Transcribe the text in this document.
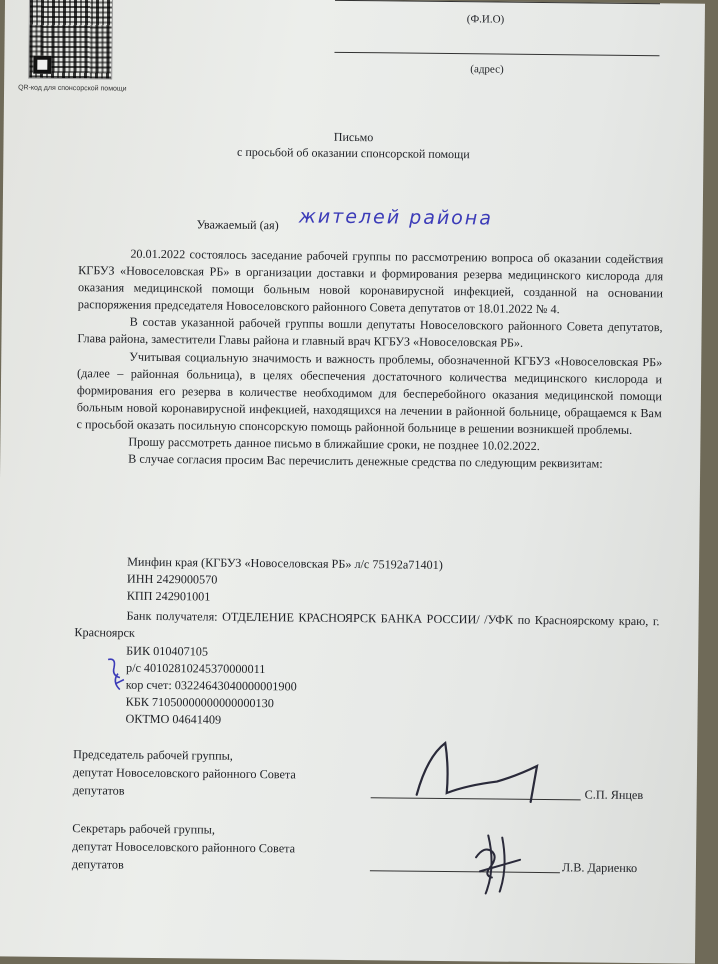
QR-код для спонсорской помощи
(Ф.И.О)
(адрес)
Письмо
с просьбой об оказании спонсорской помощи
Уважаемый (ая) жителей района

20.01.2022 состоялось заседание рабочей группы по рассмотрению вопроса об оказании содействия КГБУЗ «Новоселовская РБ» в организации доставки и формирования резерва медицинского кислорода для оказания медицинской помощи больным новой коронавирусной инфекцией, созданной на основании распоряжения председателя Новоселовского районного Совета депутатов от 18.01.2022 № 4.

В состав указанной рабочей группы вошли депутаты Новоселовского районного Совета депутатов, Глава района, заместители Главы района и главный врач КГБУЗ «Новоселовская РБ».

Учитывая социальную значимость и важность проблемы, обозначенной КГБУЗ «Новоселовская РБ» (далее – районная больница), в целях обеспечения достаточного количества медицинского кислорода и формирования его резерва в количестве необходимом для бесперебойного оказания медицинской помощи больным новой коронавирусной инфекцией, находящихся на лечении в районной больнице, обращаемся к Вам с просьбой оказать посильную спонсорскую помощь районной больнице в решении возникшей проблемы.

Прошу рассмотреть данное письмо в ближайшие сроки, не позднее 10.02.2022.

В случае согласия просим Вас перечислить денежные средства по следующим реквизитам:

Минфин края (КГБУЗ «Новоселовская РБ» л/с 75192а71401)
ИНН 2429000570
КПП 242901001
Банк получателя: ОТДЕЛЕНИЕ КРАСНОЯРСК БАНКА РОССИИ/ /УФК по Красноярскому краю, г. Красноярск
БИК 010407105
р/с 40102810245370000011
кор счет: 03224643040000001900
КБК 71050000000000000130
ОКТМО 04641409
Председатель рабочей группы,
депутат Новоселовского районного Совета
депутатов	С.П. Янцев
Секретарь рабочей группы,
депутат Новоселовского районного Совета
депутатов	Л.В. Дариенко
